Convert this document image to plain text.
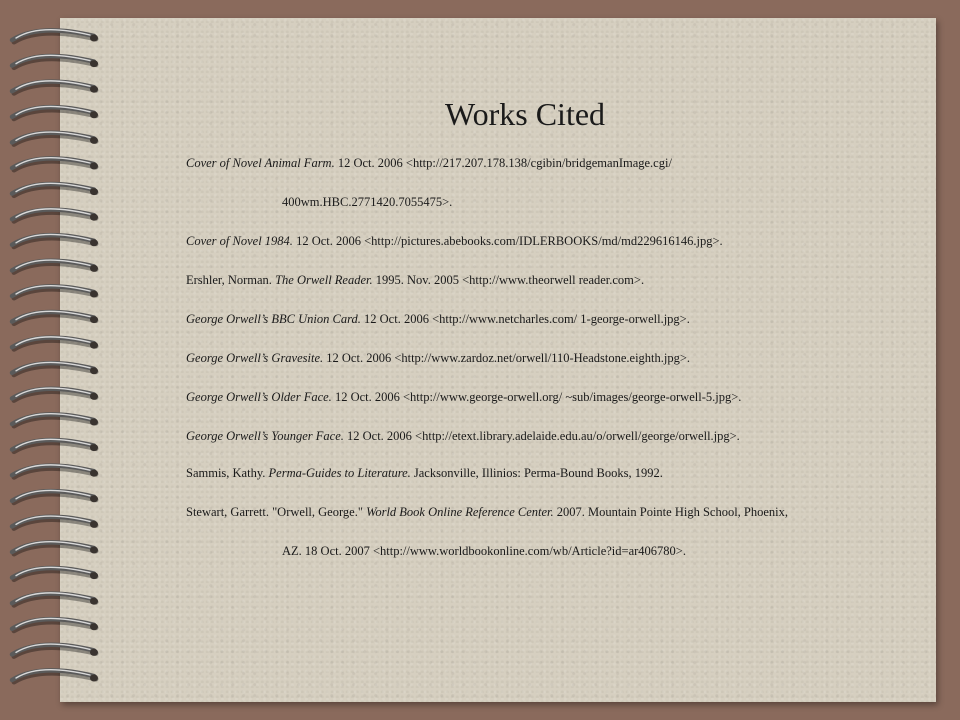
Works Cited
Cover of Novel Animal Farm. 12 Oct. 2006 <http://217.207.178.138/cgibin/bridgemanImage.cgi/
400wm.HBC.2771420.7055475>.
Cover of Novel 1984. 12 Oct. 2006 <http://pictures.abebooks.com/IDLERBOOKS/md/md229616146.jpg>.
Ershler, Norman. The Orwell Reader. 1995. Nov. 2005 <http://www.theorwell reader.com>.
George Orwell’s BBC Union Card. 12 Oct. 2006 <http://www.netcharles.com/ 1-george-orwell.jpg>.
George Orwell’s Gravesite. 12 Oct. 2006 <http://www.zardoz.net/orwell/110-Headstone.eighth.jpg>.
George Orwell’s Older Face. 12 Oct. 2006 <http://www.george-orwell.org/ ~sub/images/george-orwell-5.jpg>.
George Orwell’s Younger Face. 12 Oct. 2006 <http://etext.library.adelaide.edu.au/o/orwell/george/orwell.jpg>.
Sammis, Kathy. Perma-Guides to Literature. Jacksonville, Illinios: Perma-Bound Books, 1992.
Stewart, Garrett. "Orwell, George." World Book Online Reference Center. 2007. Mountain Pointe High School, Phoenix,
AZ. 18 Oct. 2007 <http://www.worldbookonline.com/wb/Article?id=ar406780>.
